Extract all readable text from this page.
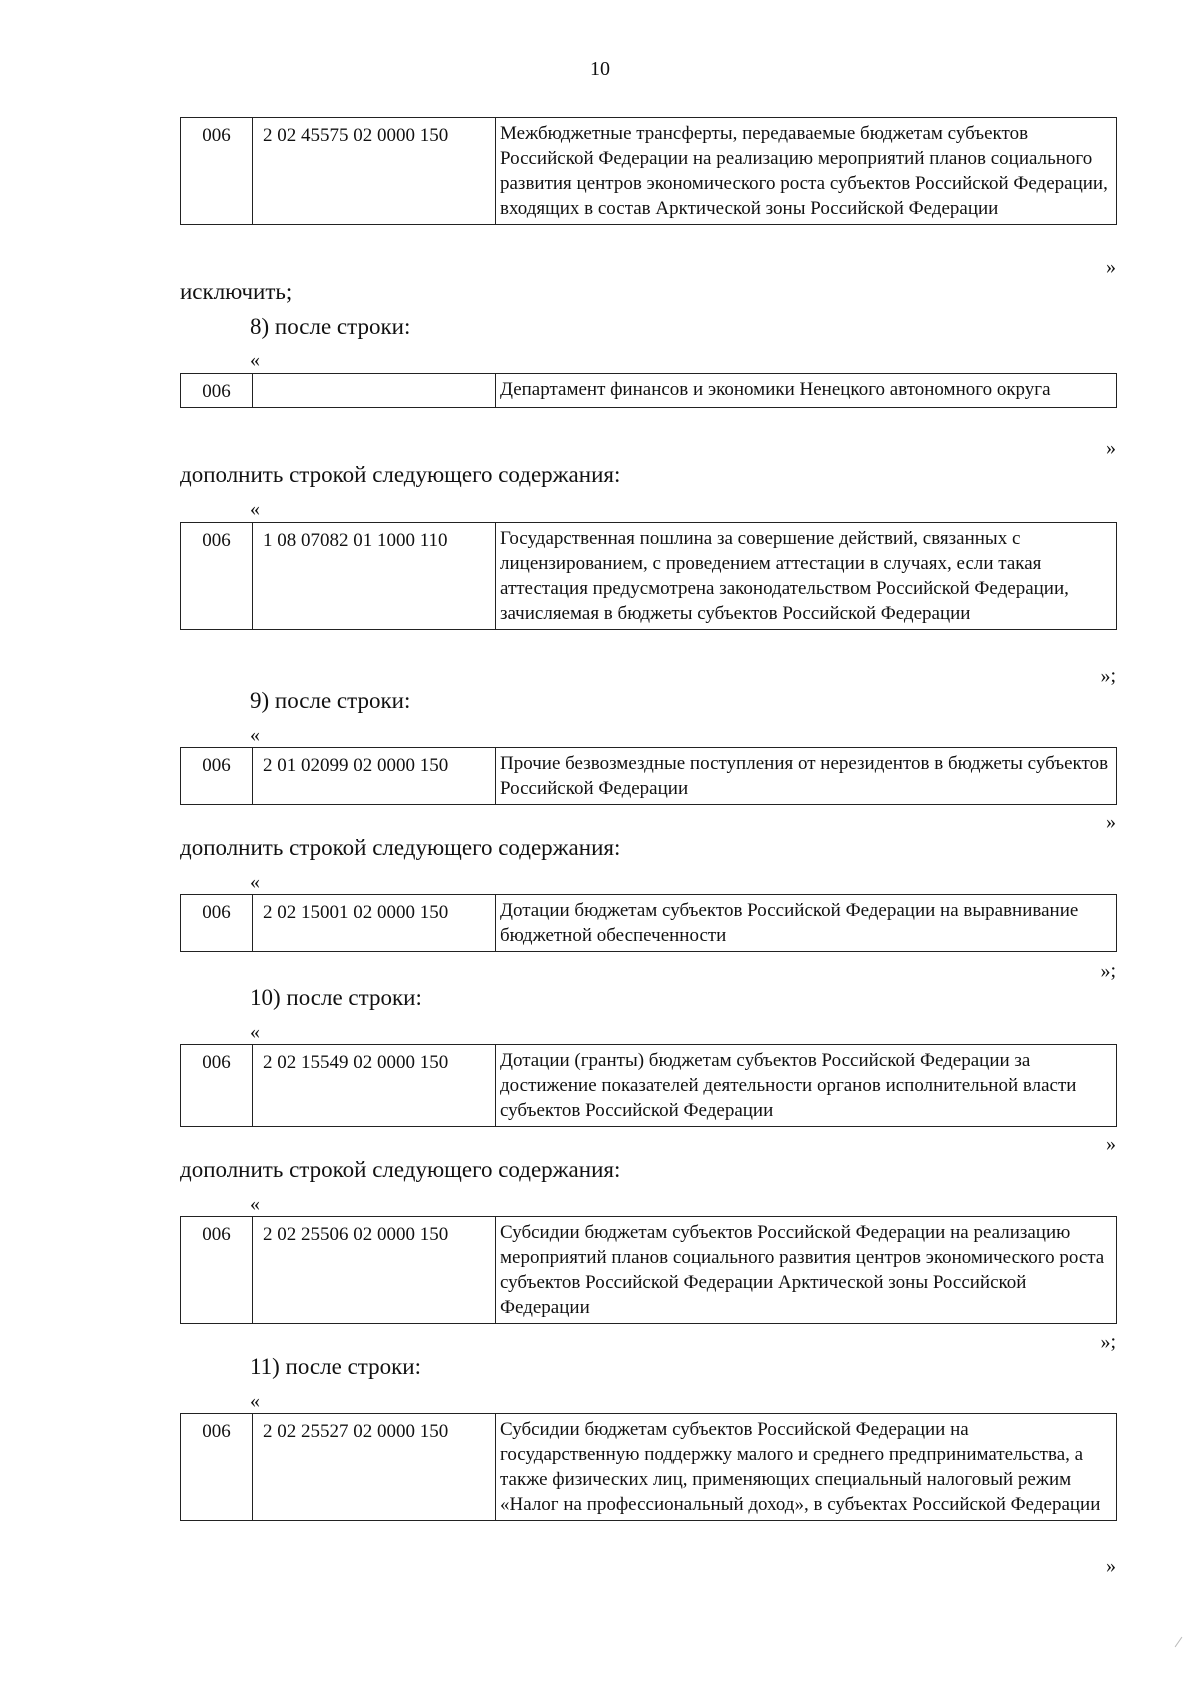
10
006	2 02 45575 02 0000 150	Межбюджетные трансферты, передаваемые бюджетам субъектов Российской Федерации на реализацию мероприятий планов социального развития центров экономического роста субъектов Российской Федерации, входящих в состав Арктической зоны Российской Федерации
»
исключить;
8) после строки:
«
006		Департамент финансов и экономики Ненецкого автономного округа
»
дополнить строкой следующего содержания:
«
006	1 08 07082 01 1000 110	Государственная пошлина за совершение действий, связанных с лицензированием, с проведением аттестации в случаях, если такая аттестация предусмотрена законодательством Российской Федерации, зачисляемая в бюджеты субъектов Российской Федерации
»;
9) после строки:
«
006	2 01 02099 02 0000 150	Прочие безвозмездные поступления от нерезидентов в бюджеты субъектов Российской Федерации
»
дополнить строкой следующего содержания:
«
006	2 02 15001 02 0000 150	Дотации бюджетам субъектов Российской Федерации на выравнивание бюджетной обеспеченности
»;
10) после строки:
«
006	2 02 15549 02 0000 150	Дотации (гранты) бюджетам субъектов Российской Федерации за достижение показателей деятельности органов исполнительной власти субъектов Российской Федерации
»
дополнить строкой следующего содержания:
«
006	2 02 25506 02 0000 150	Субсидии бюджетам субъектов Российской Федерации на реализацию мероприятий планов социального развития центров экономического роста субъектов Российской Федерации Арктической зоны Российской Федерации
»;
11) после строки:
«
006	2 02 25527 02 0000 150	Субсидии бюджетам субъектов Российской Федерации на государственную поддержку малого и среднего предпринимательства, а также физических лиц, применяющих специальный налоговый режим «Налог на профессиональный доход», в субъектах Российской Федерации
»
